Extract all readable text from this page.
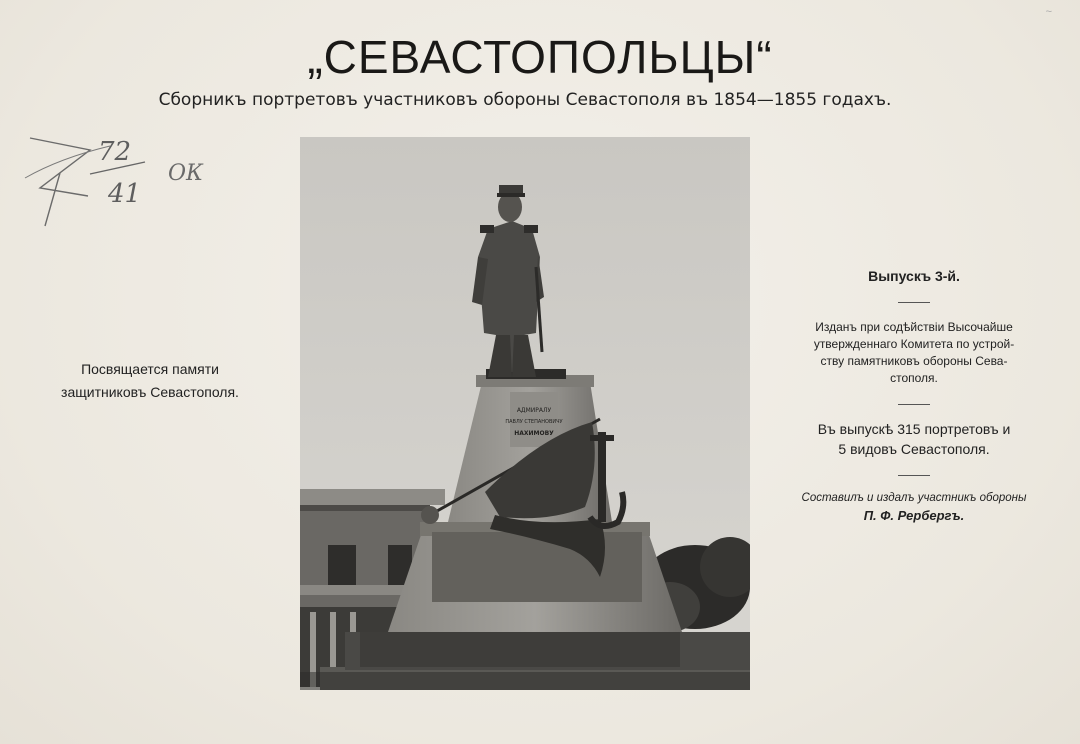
~
„СЕВАСТОПОЛЬЦЫ“
Сборникъ портретовъ участниковъ обороны Севастополя въ 1854—1855 годахъ.
72
41
ОК
АДМИРАЛУ
ПАВЛУ СТЕПАНОВИЧУ
НАХИМОВУ
Посвящается памяти
защитниковъ Севастополя.
Выпускъ 3-й.
Изданъ при содѣйствіи Высочайше
утвержденнаго Комитета по устрой-
ству памятниковъ обороны Сева-
стополя.
Въ выпускѣ 315 портретовъ и
5 видовъ Севастополя.
Составилъ и издалъ участникъ обороны
П. Ф. Рербергъ.
